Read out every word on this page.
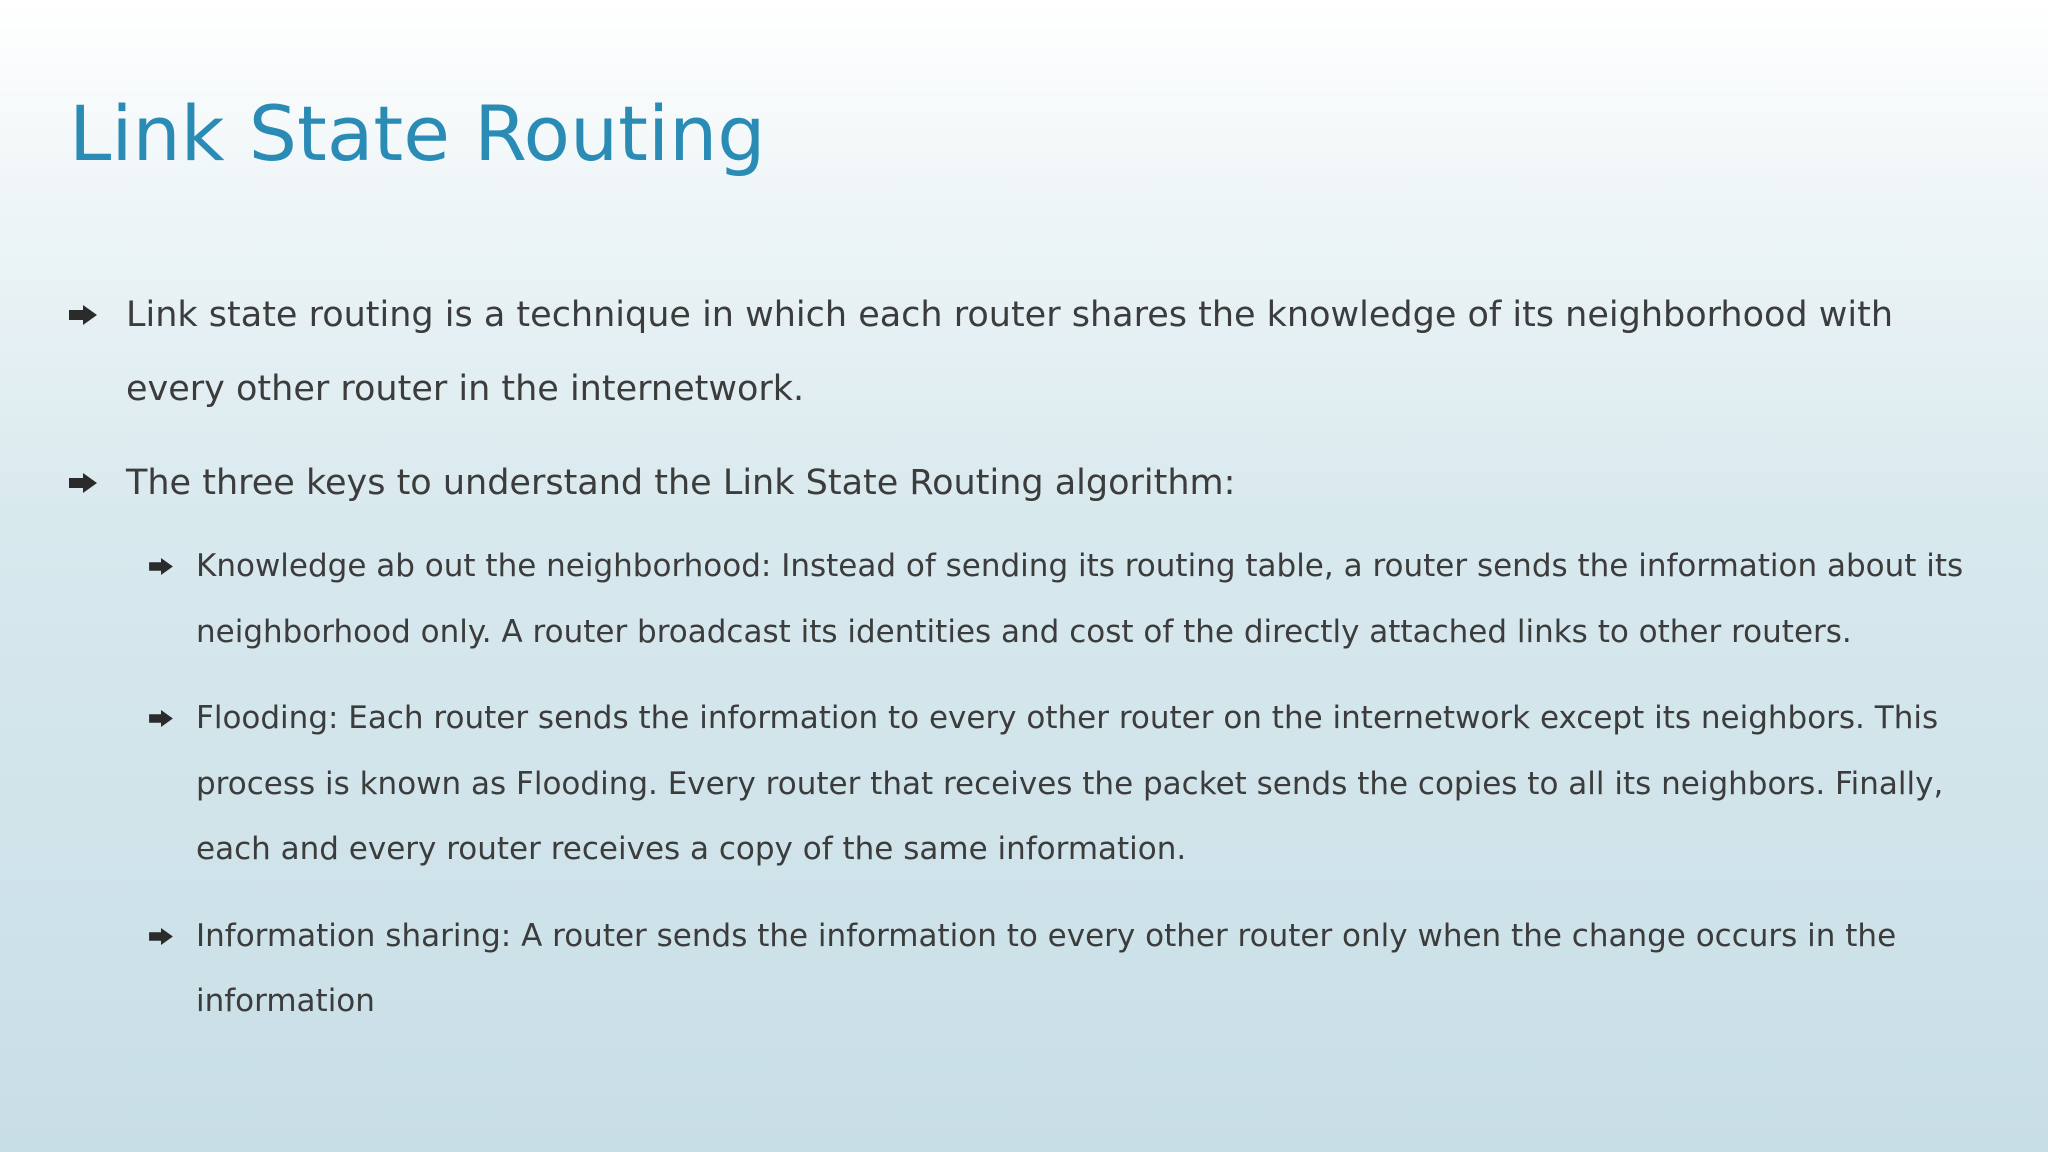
Link State Routing
Link state routing is a technique in which each router shares the knowledge of its neighborhood with every other router in the internetwork.
The three keys to understand the Link State Routing algorithm:
Knowledge ab out the neighborhood: Instead of sending its routing table, a router sends the information about its neighborhood only. A router broadcast its identities and cost of the directly attached links to other routers.
Flooding: Each router sends the information to every other router on the internetwork except its neighbors. This process is known as Flooding. Every router that receives the packet sends the copies to all its neighbors. Finally, each and every router receives a copy of the same information.
Information sharing: A router sends the information to every other router only when the change occurs in the information
